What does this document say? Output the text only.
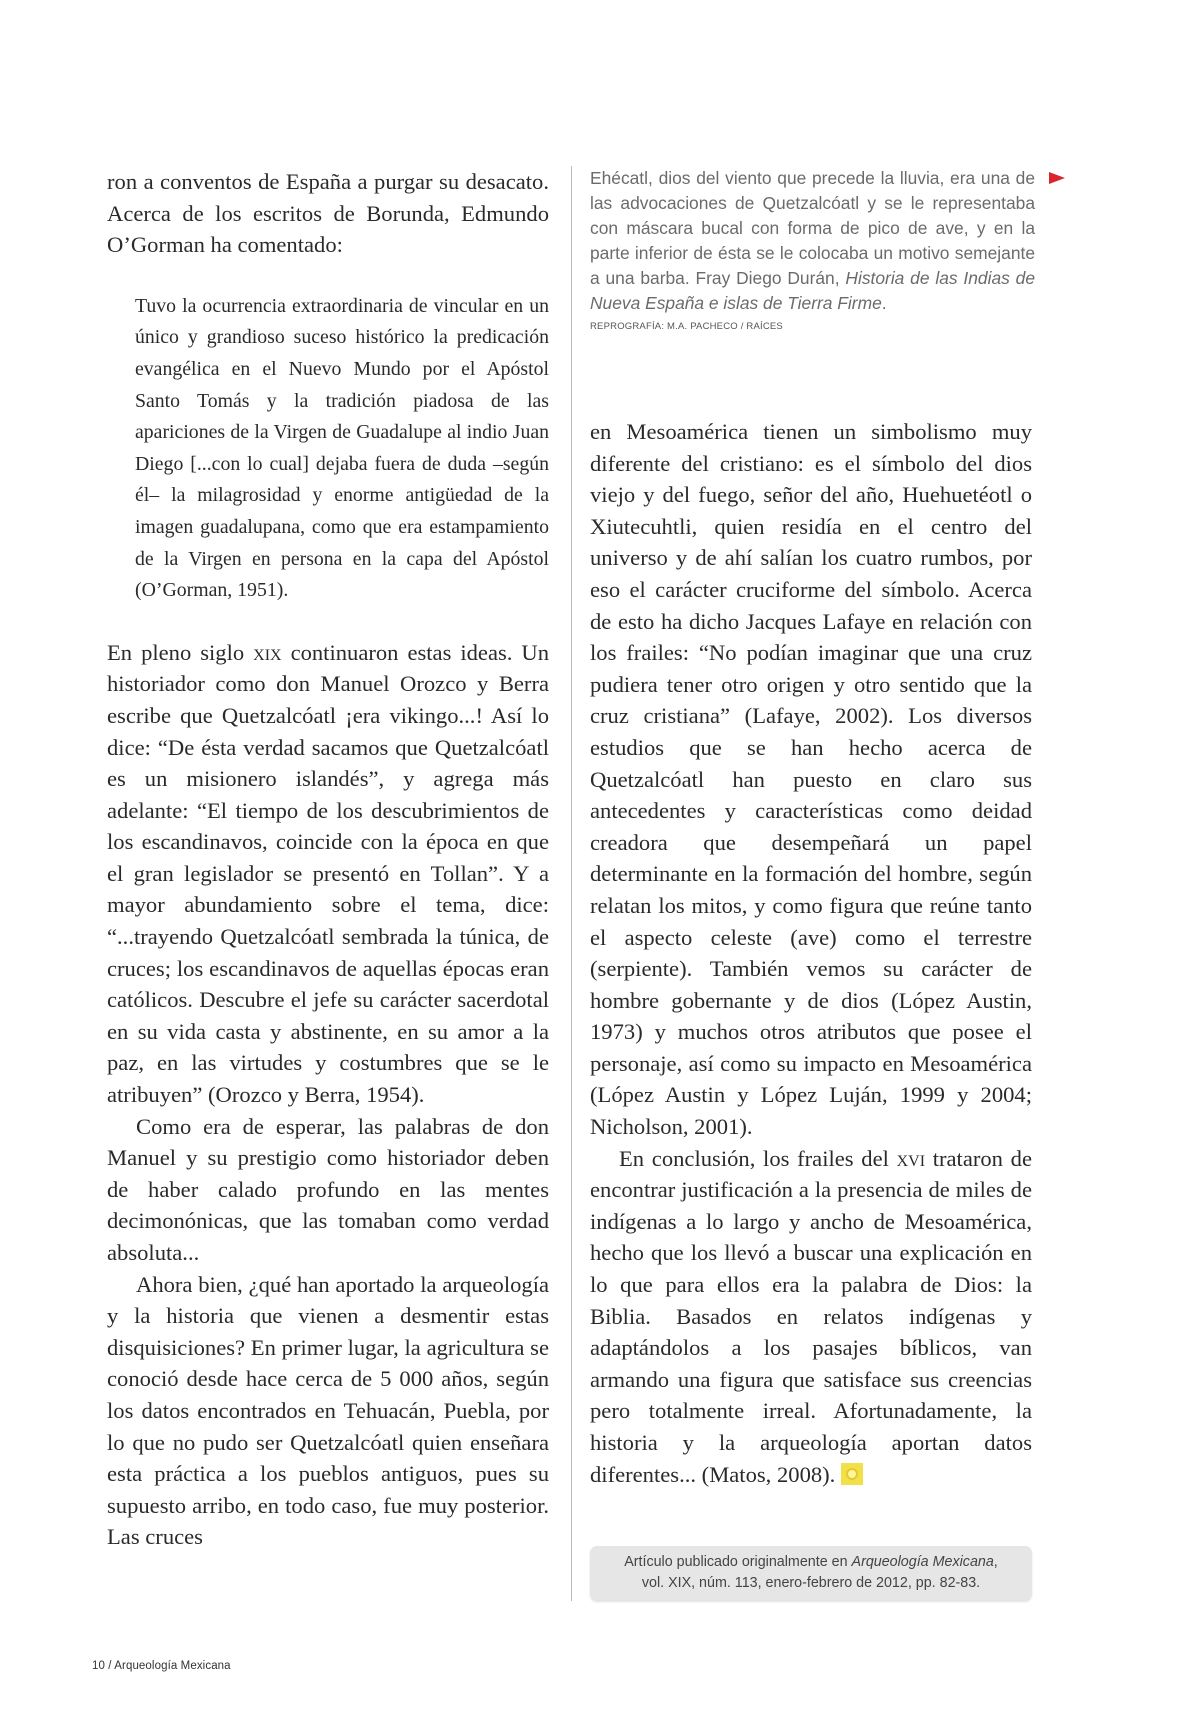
ron a conventos de España a purgar su desacato. Acerca de los escritos de Borunda, Edmundo O’Gorman ha comentado:

Tuvo la ocurrencia extraordinaria de vincular en un único y grandioso suceso histórico la predicación evangélica en el Nuevo Mundo por el Apóstol Santo Tomás y la tradición piadosa de las apariciones de la Virgen de Guadalupe al indio Juan Diego [...con lo cual] dejaba fuera de duda –según él– la milagrosidad y enorme antigüedad de la imagen guadalupana, como que era estampamiento de la Virgen en persona en la capa del Apóstol (O’Gorman, 1951).

En pleno siglo xix continuaron estas ideas. Un historiador como don Manuel Orozco y Berra escribe que Quetzalcóatl ¡era vikingo...! Así lo dice: “De ésta verdad sacamos que Quetzalcóatl es un misionero islandés”, y agrega más adelante: “El tiempo de los descubrimientos de los escandinavos, coincide con la época en que el gran legislador se presentó en Tollan”. Y a mayor abundamiento sobre el tema, dice: “...trayendo Quetzalcóatl sembrada la túnica, de cruces; los escandinavos de aquellas épocas eran católicos. Descubre el jefe su carácter sacerdotal en su vida casta y abstinente, en su amor a la paz, en las virtudes y costumbres que se le atribuyen” (Orozco y Berra, 1954).

Como era de esperar, las palabras de don Manuel y su prestigio como historiador deben de haber calado profundo en las mentes decimonónicas, que las tomaban como verdad absoluta...

Ahora bien, ¿qué han aportado la arqueología y la historia que vienen a desmentir estas disquisiciones? En primer lugar, la agricultura se conoció desde hace cerca de 5 000 años, según los datos encontrados en Tehuacán, Puebla, por lo que no pudo ser Quetzalcóatl quien enseñara esta práctica a los pueblos antiguos, pues su supuesto arribo, en todo caso, fue muy posterior. Las cruces

Ehécatl, dios del viento que precede la lluvia, era una de las advocaciones de Quetzalcóatl y se le representaba con máscara bucal con forma de pico de ave, y en la parte inferior de ésta se le colocaba un motivo semejante a una barba. Fray Diego Durán, Historia de las Indias de Nueva España e islas de Tierra Firme.
REPROGRAFÍA: M.A. PACHECO / RAÍCES

en Mesoamérica tienen un simbolismo muy diferente del cristiano: es el símbolo del dios viejo y del fuego, señor del año, Huehuetéotl o Xiutecuhtli, quien residía en el centro del universo y de ahí salían los cuatro rumbos, por eso el carácter cruciforme del símbolo. Acerca de esto ha dicho Jacques Lafaye en relación con los frailes: “No podían imaginar que una cruz pudiera tener otro origen y otro sentido que la cruz cristiana” (Lafaye, 2002). Los diversos estudios que se han hecho acerca de Quetzalcóatl han puesto en claro sus antecedentes y características como deidad creadora que desempeñará un papel determinante en la formación del hombre, según relatan los mitos, y como figura que reúne tanto el aspecto celeste (ave) como el terrestre (serpiente). También vemos su carácter de hombre gobernante y de dios (López Austin, 1973) y muchos otros atributos que posee el personaje, así como su impacto en Mesoamérica (López Austin y López Luján, 1999 y 2004; Nicholson, 2001).

En conclusión, los frailes del xvi trataron de encontrar justificación a la presencia de miles de indígenas a lo largo y ancho de Mesoamérica, hecho que los llevó a buscar una explicación en lo que para ellos era la palabra de Dios: la Biblia. Basados en relatos indígenas y adaptándolos a los pasajes bíblicos, van armando una figura que satisface sus creencias pero totalmente irreal. Afortunadamente, la historia y la arqueología aportan datos diferentes... (Matos, 2008).

Artículo publicado originalmente en Arqueología Mexicana,
vol. XIX, núm. 113, enero-febrero de 2012, pp. 82-83.
10 / Arqueología Mexicana
